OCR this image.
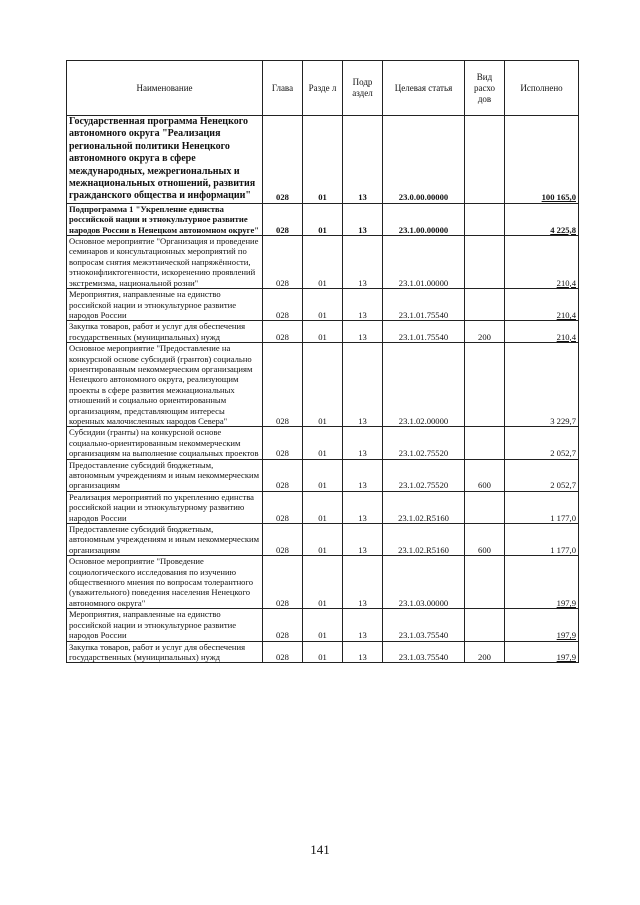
Наименование	Глава	Разде л	Подр аздел	Целевая статья	Вид расхо дов	Исполнено
Государственная программа Ненецкого автономного округа "Реализация региональной политики Ненецкого автономного округа в сфере международных, межрегиональных и межнациональных отношений, развития гражданского общества и информации"	028	01	13	23.0.00.00000		100 165,0
Подпрограмма 1 "Укрепление единства российской нации и этнокультурное развитие народов России в Ненецком автономном округе"	028	01	13	23.1.00.00000		4 225,8
Основное мероприятие "Организация и проведение семинаров и консультационных мероприятий по вопросам снятия межэтнической напряжённости, этноконфликтогенности, искоренению проявлений экстремизма, национальной розни"	028	01	13	23.1.01.00000		210,4
Мероприятия, направленные на единство российской нации и этнокультурное развитие народов России	028	01	13	23.1.01.75540		210,4
Закупка товаров, работ и услуг для обеспечения государственных (муниципальных) нужд	028	01	13	23.1.01.75540	200	210,4
Основное мероприятие "Предоставление на конкурсной основе субсидий (грантов) социально ориентированным некоммерческим организациям Ненецкого автономного округа, реализующим проекты в сфере развития межнациональных отношений и социально ориентированным организациям, представляющим интересы коренных малочисленных народов Севера"	028	01	13	23.1.02.00000		3 229,7
Субсидии (гранты) на конкурсной основе социально-ориентированным некоммерческим организациям на выполнение социальных проектов	028	01	13	23.1.02.75520		2 052,7
Предоставление субсидий бюджетным, автономным учреждениям и иным некоммерческим организациям	028	01	13	23.1.02.75520	600	2 052,7
Реализация мероприятий по укреплению единства российской нации и этнокультурному развитию народов России	028	01	13	23.1.02.R5160		1 177,0
Предоставление субсидий бюджетным, автономным учреждениям и иным некоммерческим организациям	028	01	13	23.1.02.R5160	600	1 177,0
Основное мероприятие "Проведение социологического исследования по изучению общественного мнения по вопросам толерантного (уважительного) поведения населения Ненецкого автономного округа"	028	01	13	23.1.03.00000		197,9
Мероприятия, направленные на единство российской нации и этнокультурное развитие народов России	028	01	13	23.1.03.75540		197,9
Закупка товаров, работ и услуг для обеспечения государственных (муниципальных) нужд	028	01	13	23.1.03.75540	200	197,9
141
